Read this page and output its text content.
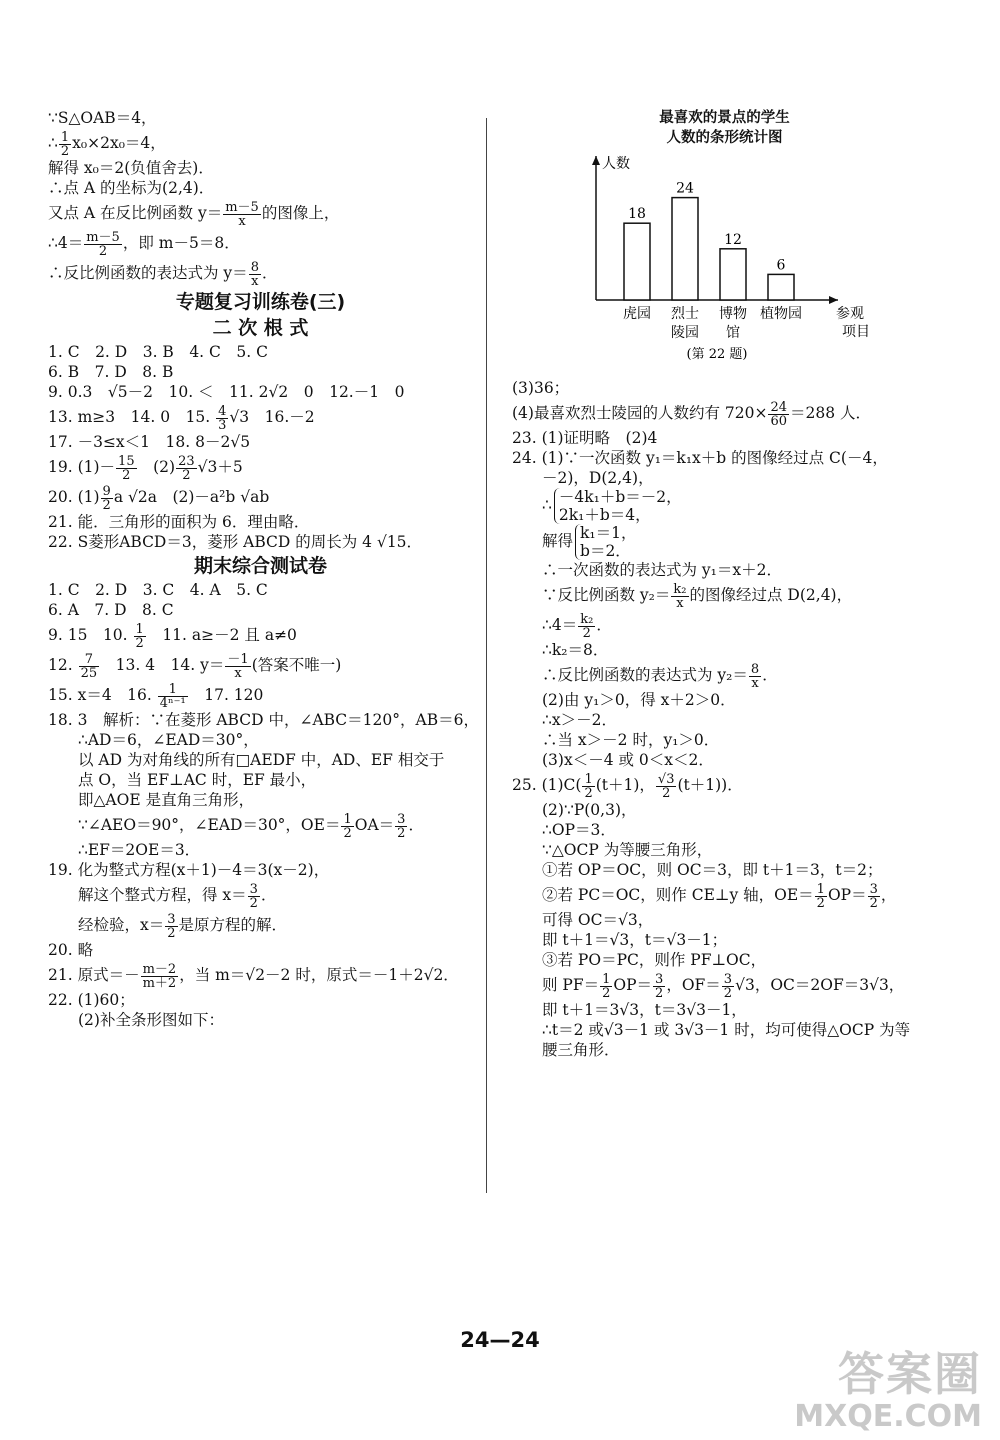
∵S△OAB＝4，
∴ $\frac{1}{2} x_0\times 2x_0=4$，
解得 x₀＝2(负值舍去)．
∴点 A 的坐标为(2,4)．
又点 A 在反比例函数 $y= \frac{m-5}{x}$ 的图像上，
∴4＝ $\frac{m-5}{2}$ ，即 m－5＝8．
∴反比例函数的表达式为 $y= \frac{8}{x}$ ．
专题复习训练卷(三)
二 次 根 式
1. C　2. D　3. B　4. C　5. C
6. B　7. D　8. B
9. 0.3　√5－2　10. ＜　11. 2√2　0　12.－1　0
13. m≥3　14. 0　15. $\frac{4}{3} √3$　16.－2
17. －3≤x＜1　18. 8－2√5
19. $(1)- \frac{15}{2}$ 　$(2) \frac{23}{2} √3+5$
20. $(1) \frac{9}{2}$ a √2a　(2)－a²b √ab
21. 能．三角形的面积为 6．理由略．
22. S菱形ABCD＝3，菱形 ABCD 的周长为 4 √15．
期末综合测试卷
1. C　2. D　3. C　4. A　5. C
6. A　7. D　8. C
9. 15　10. $\frac{1}{2}$ 　11. a≥－2 且 a≠0
12. $\frac{7}{25}$ 　13. 4　14. $y= \frac{-1}{x}$ (答案不唯一)
15. x＝4　16. $\frac{1}{\text{4ⁿ⁻¹}}$ 　17. 120
18. 3　解析：∵在菱形 ABCD 中，∠ABC＝120°，AB＝6，
∴AD＝6，∠EAD＝30°，
以 AD 为对角线的所有□AEDF 中，AD、EF 相交于
点 O，当 EF⊥AC 时，EF 最小，
即△AOE 是直角三角形，
∵∠AEO＝90°，∠EAD＝30°，$OE= \frac{1}{2} OA= \frac{3}{2}$ ．
∴EF＝2OE＝3．
19. 化为整式方程(x＋1)－4＝3(x－2)，
解这个整式方程，得 $x= \frac{3}{2}$ ．
经检验，$x= \frac{3}{2}$ 是原方程的解．
20. 略
21. 原式＝－ $\frac{m-2}{m+2}$ ，当 m＝√2－2 时，原式＝－1＋2√2．
22. (1)60；
(2)补全条形图如下：
最喜欢的景点的学生
人数的条形统计图
人数
参观
项目
18
虎园
24
烈士
陵园
12
博物
馆
6
植物园
(第 22 题)
(3)36；
(4)最喜欢烈士陵园的人数约有 $720\times \frac{24}{60} =288$ 人．
23. (1)证明略　(2)4
24. (1)∵一次函数 y₁＝k₁x＋b 的图像经过点 C(－4，
－2)，D(2,4)，
∴ －4k₁＋b＝－2，
2k₁＋b＝4，
解得 k₁＝1，
b＝2．
∴一次函数的表达式为 y₁＝x＋2．
∵反比例函数 $y_2= \frac{\text{k₂}}{x}$ 的图像经过点 D(2,4)，
∴4＝ $\frac{\text{k₂}}{2}$ ．
∴k₂＝8．
∴反比例函数的表达式为 $y_2= \frac{8}{x}$ ．
(2)由 y₁＞0，得 x＋2＞0．
∴x＞－2．
∴当 x＞－2 时，y₁＞0．
(3)x＜－4 或 0＜x＜2．
25. $(1)C( \frac{1}{2} (t+1)$， $\frac{√3}{2} (t+1)$)．
(2)∵P(0,3)，
∴OP＝3．
∵△OCP 为等腰三角形，
①若 OP＝OC，则 OC＝3，即 t＋1＝3，t＝2；
②若 PC＝OC，则作 CE⊥y 轴，$OE= \frac{1}{2} OP= \frac{3}{2}$ ，
可得 OC＝√3，
即 t＋1＝√3，t＝√3－1；
③若 PO＝PC，则作 PF⊥OC，
则 $PF= \frac{1}{2} OP= \frac{3}{2}$ ，$OF= \frac{3}{2} √3$，OC＝2OF＝3√3，
即 t＋1＝3√3，t＝3√3－1，
∴t＝2 或√3－1 或 3√3－1 时，均可使得△OCP 为等
腰三角形．
24—24
答案圈
MXQE.COM
